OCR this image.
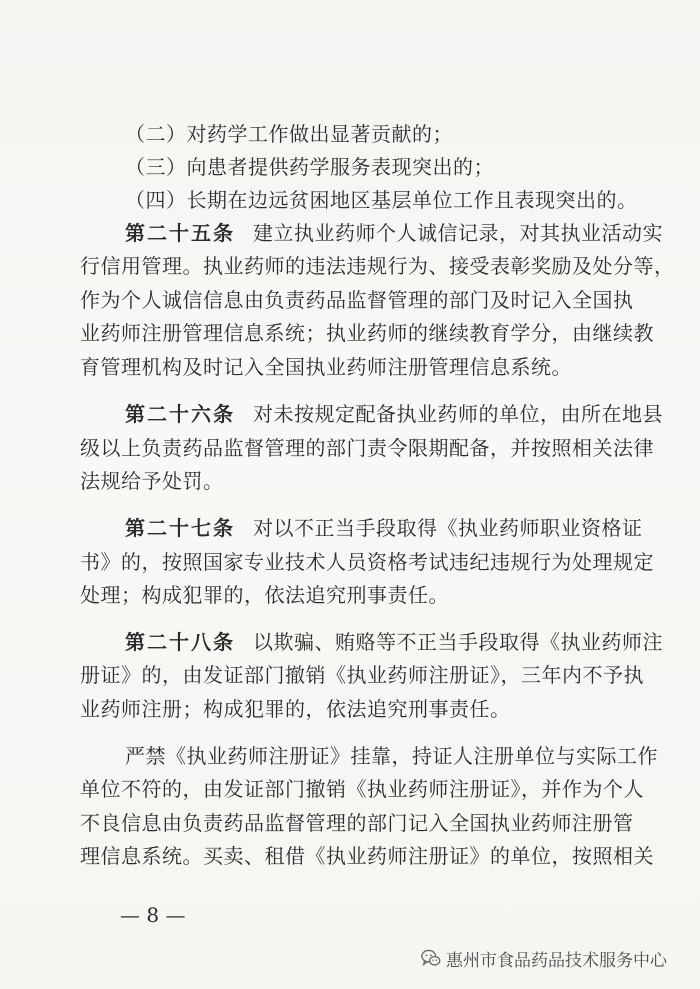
（二）对药学工作做出显著贡献的；
（三）向患者提供药学服务表现突出的；
（四）长期在边远贫困地区基层单位工作且表现突出的。
第二十五条 建立执业药师个人诚信记录，对其执业活动实
行信用管理。执业药师的违法违规行为、接受表彰奖励及处分等，
作为个人诚信信息由负责药品监督管理的部门及时记入全国执
业药师注册管理信息系统；执业药师的继续教育学分，由继续教
育管理机构及时记入全国执业药师注册管理信息系统。
第二十六条 对未按规定配备执业药师的单位，由所在地县
级以上负责药品监督管理的部门责令限期配备，并按照相关法律
法规给予处罚。
第二十七条 对以不正当手段取得《执业药师职业资格证
书》的，按照国家专业技术人员资格考试违纪违规行为处理规定
处理；构成犯罪的，依法追究刑事责任。
第二十八条 以欺骗、贿赂等不正当手段取得《执业药师注
册证》的，由发证部门撤销《执业药师注册证》，三年内不予执
业药师注册；构成犯罪的，依法追究刑事责任。
严禁《执业药师注册证》挂靠，持证人注册单位与实际工作
单位不符的，由发证部门撤销《执业药师注册证》，并作为个人
不良信息由负责药品监督管理的部门记入全国执业药师注册管
理信息系统。买卖、租借《执业药师注册证》的单位，按照相关
— 8 —
惠州市食品药品技术服务中心
